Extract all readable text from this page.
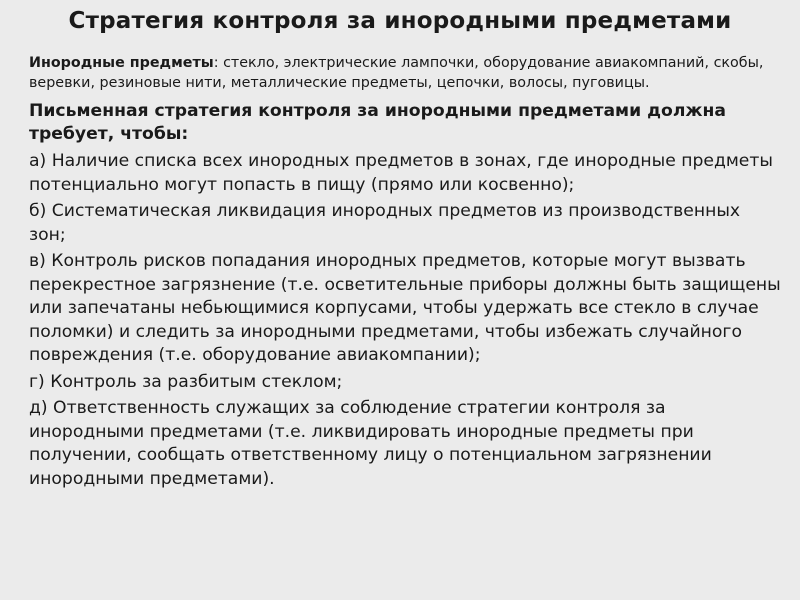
Стратегия контроля за инородными предметами

Инородные предметы: стекло, электрические лампочки, оборудование авиакомпаний, скобы, веревки, резиновые нити, металлические предметы, цепочки, волосы, пуговицы.

Письменная стратегия контроля за инородными предметами должна требует, чтобы:

а) Наличие списка всех инородных предметов в зонах, где инородные предметы потенциально могут попасть в пищу (прямо или косвенно);

б) Систематическая ликвидация инородных предметов из производственных зон;

в) Контроль рисков попадания инородных предметов, которые могут вызвать перекрестное загрязнение (т.е. осветительные приборы должны быть защищены или запечатаны небьющимися корпусами, чтобы удержать все стекло в случае поломки) и следить за инородными предметами, чтобы избежать случайного повреждения (т.е. оборудование авиакомпании);

г) Контроль за разбитым стеклом;

д) Ответственность служащих за соблюдение стратегии контроля за инородными предметами (т.е. ликвидировать инородные предметы при получении, сообщать ответственному лицу о потенциальном загрязнении инородными предметами).
